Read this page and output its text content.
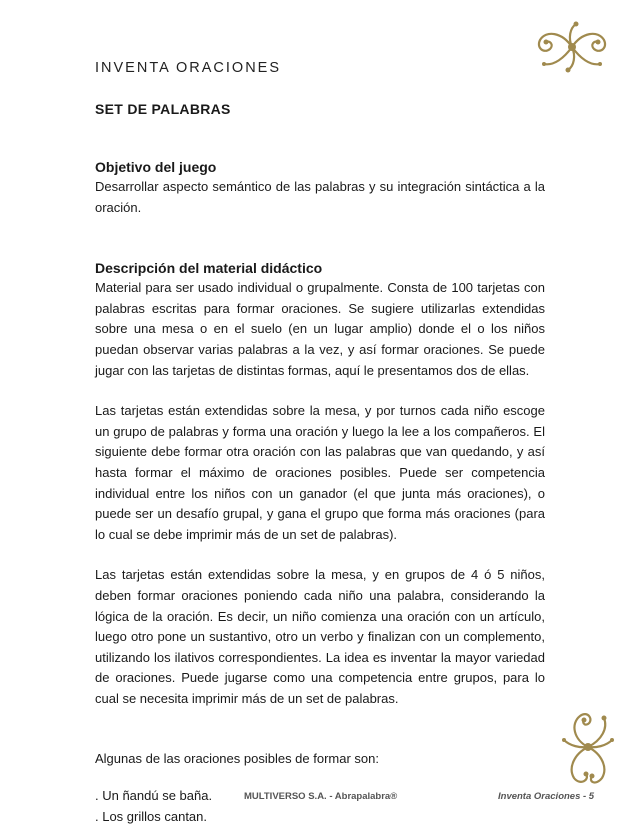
INVENTA ORACIONES
SET DE PALABRAS
Objetivo del juego

Desarrollar aspecto semántico de las palabras y su integración sintáctica a la oración.

Descripción del material didáctico

Material para ser usado individual o grupalmente. Consta de 100 tarjetas con palabras escritas para formar oraciones. Se sugiere utilizarlas extendidas sobre una mesa o en el suelo (en un lugar amplio) donde el o los niños puedan observar varias palabras a la vez, y así formar oraciones. Se puede jugar con las tarjetas de distintas formas, aquí le presentamos dos de ellas.

Las tarjetas están extendidas sobre la mesa, y por turnos cada niño escoge un grupo de palabras y forma una oración y luego la lee a los compañeros. El siguiente debe formar otra oración con las palabras que van quedando, y así hasta formar el máximo de oraciones posibles. Puede ser competencia individual entre los niños con un ganador (el que junta más oraciones), o puede ser un desafío grupal, y gana el grupo que forma más oraciones (para lo cual se debe imprimir más de un set de palabras).

Las tarjetas están extendidas sobre la mesa, y en grupos de 4 ó 5 niños, deben formar oraciones poniendo cada niño una palabra, considerando la lógica de la oración. Es decir, un niño comienza una oración con un artículo, luego otro pone un sustantivo, otro un verbo y finalizan con un complemento, utilizando los ilativos correspondientes. La idea es inventar la mayor variedad de oraciones. Puede jugarse como una competencia entre grupos, para lo cual se necesita imprimir más de un set de palabras.

Algunas de las oraciones posibles de formar son:

. Un ñandú se baña.

. Los grillos cantan.

MULTIVERSO S.A. - Abrapalabra®	Inventa Oraciones - 5
